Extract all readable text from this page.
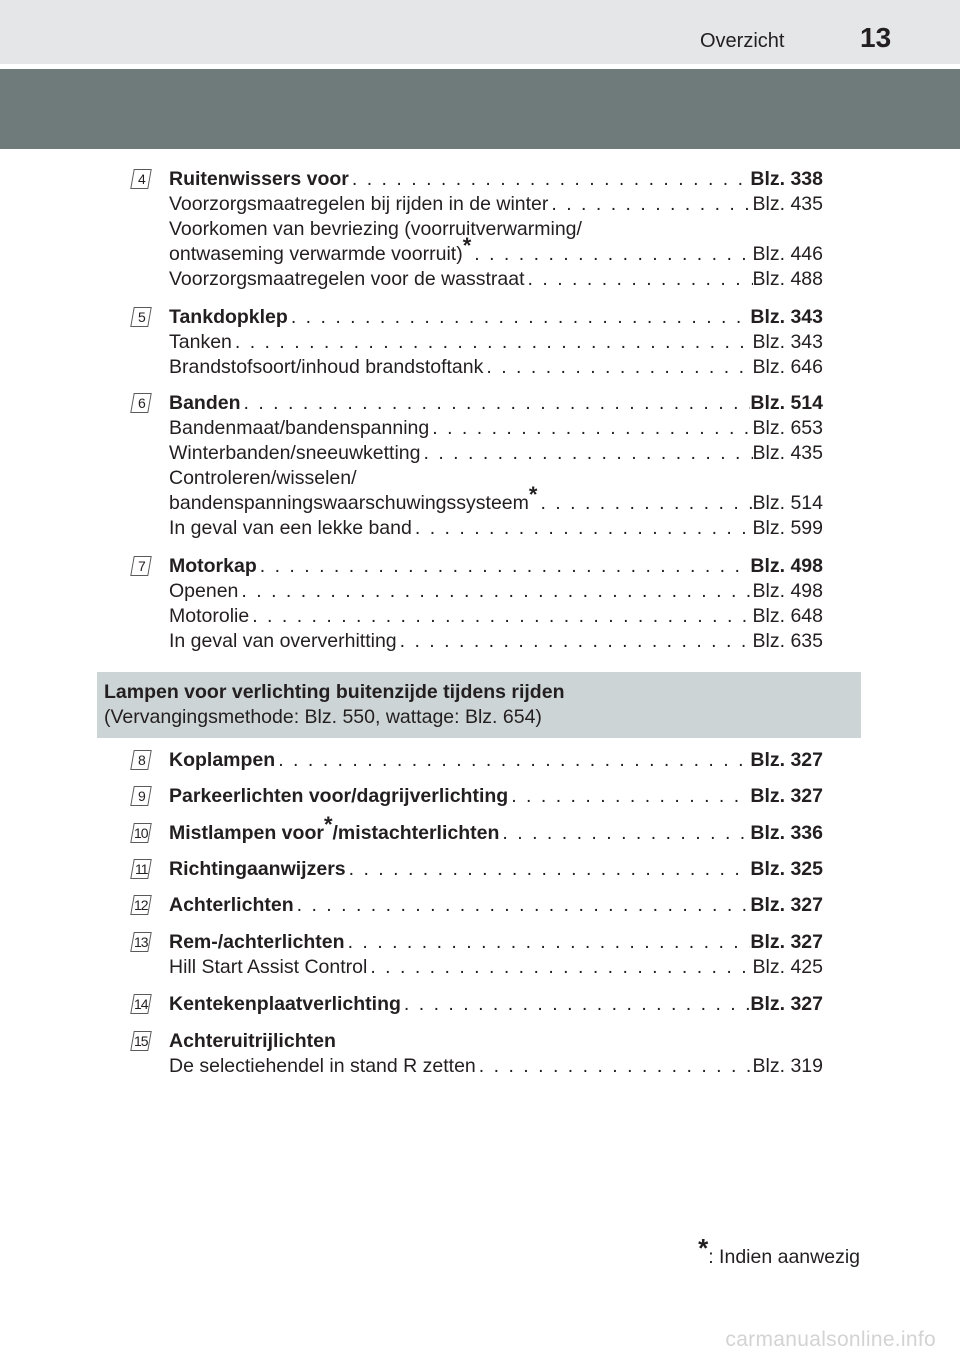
Overzicht	13
4	Ruitenwissers voor . . .	Blz. 338
Voorzorgsmaatregelen bij rijden in de winter . . .	Blz. 435
Voorkomen van bevriezing (voorruitverwarming/
ontwaseming verwarmde voorruit)* . . .	Blz. 446
Voorzorgsmaatregelen voor de wasstraat . . .	Blz. 488
5	Tankdopklep . . .	Blz. 343
Tanken . . .	Blz. 343
Brandstofsoort/inhoud brandstoftank . . .	Blz. 646
6	Banden . . .	Blz. 514
Bandenmaat/bandenspanning . . .	Blz. 653
Winterbanden/sneeuwketting . . .	Blz. 435
Controleren/wisselen/
bandenspanningswaarschuwingssysteem* . . .	Blz. 514
In geval van een lekke band . . .	Blz. 599
7	Motorkap . . .	Blz. 498
Openen . . .	Blz. 498
Motorolie . . .	Blz. 648
In geval van oververhitting . . .	Blz. 635
Lampen voor verlichting buitenzijde tijdens rijden
(Vervangingsmethode: Blz. 550, wattage: Blz. 654)
8	Koplampen . . .	Blz. 327
9	Parkeerlichten voor/dagrijverlichting . . .	Blz. 327
10 Mistlampen voor*/mistachterlichten . . .	Blz. 336
11 Richtingaanwijzers . . .	Blz. 325
12 Achterlichten . . .	Blz. 327
13 Rem-/achterlichten . . .	Blz. 327
Hill Start Assist Control . . .	Blz. 425
14 Kentekenplaatverlichting . . .	Blz. 327
15 Achteruitrijlichten
De selectiehendel in stand R zetten . . .	Blz. 319
*: Indien aanwezig
carmanualsonline.info
